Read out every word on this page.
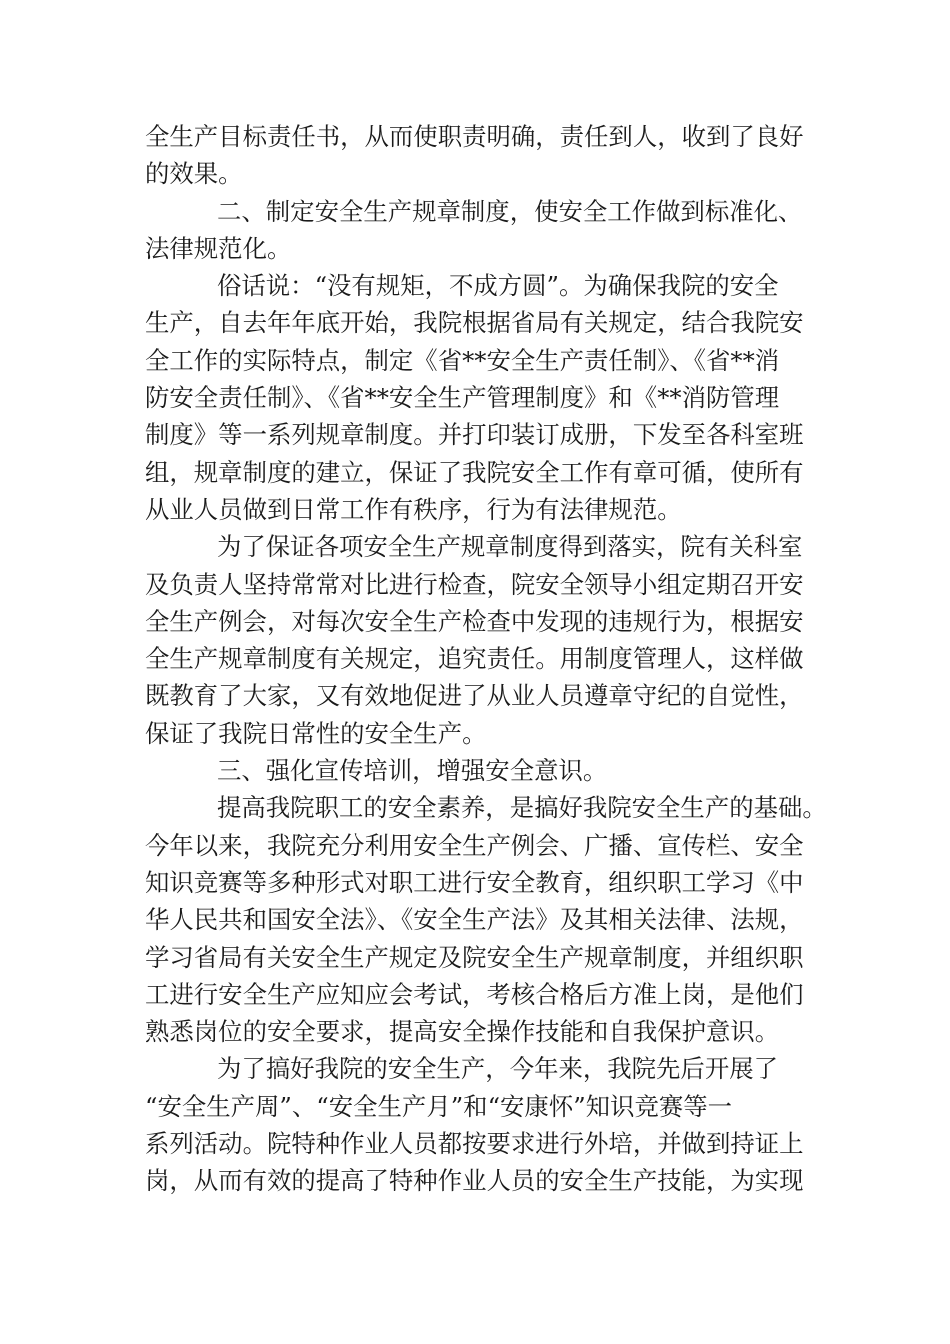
全生产目标责任书，从而使职责明确，责任到人，收到了良好
的效果。
二、制定安全生产规章制度，使安全工作做到标准化、
法律规范化。
俗话说：“没有规矩，不成方圆”。为确保我院的安全
生产，自去年年底开始，我院根据省局有关规定，结合我院安
全工作的实际特点，制定《省**安全生产责任制》、《省**消
防安全责任制》、《省**安全生产管理制度》和《**消防管理
制度》等一系列规章制度。并打印装订成册，下发至各科室班
组，规章制度的建立，保证了我院安全工作有章可循，使所有
从业人员做到日常工作有秩序，行为有法律规范。
为了保证各项安全生产规章制度得到落实，院有关科室
及负责人坚持常常对比进行检查，院安全领导小组定期召开安
全生产例会，对每次安全生产检查中发现的违规行为，根据安
全生产规章制度有关规定，追究责任。用制度管理人，这样做
既教育了大家，又有效地促进了从业人员遵章守纪的自觉性，
保证了我院日常性的安全生产。
三、强化宣传培训，增强安全意识。
提高我院职工的安全素养，是搞好我院安全生产的基础。
今年以来，我院充分利用安全生产例会、广播、宣传栏、安全
知识竞赛等多种形式对职工进行安全教育，组织职工学习《中
华人民共和国安全法》、《安全生产法》及其相关法律、法规，
学习省局有关安全生产规定及院安全生产规章制度，并组织职
工进行安全生产应知应会考试，考核合格后方准上岗，是他们
熟悉岗位的安全要求，提高安全操作技能和自我保护意识。
为了搞好我院的安全生产，今年来，我院先后开展了
“安全生产周”、“安全生产月”和“安康怀”知识竞赛等一
系列活动。院特种作业人员都按要求进行外培，并做到持证上
岗，从而有效的提高了特种作业人员的安全生产技能，为实现
